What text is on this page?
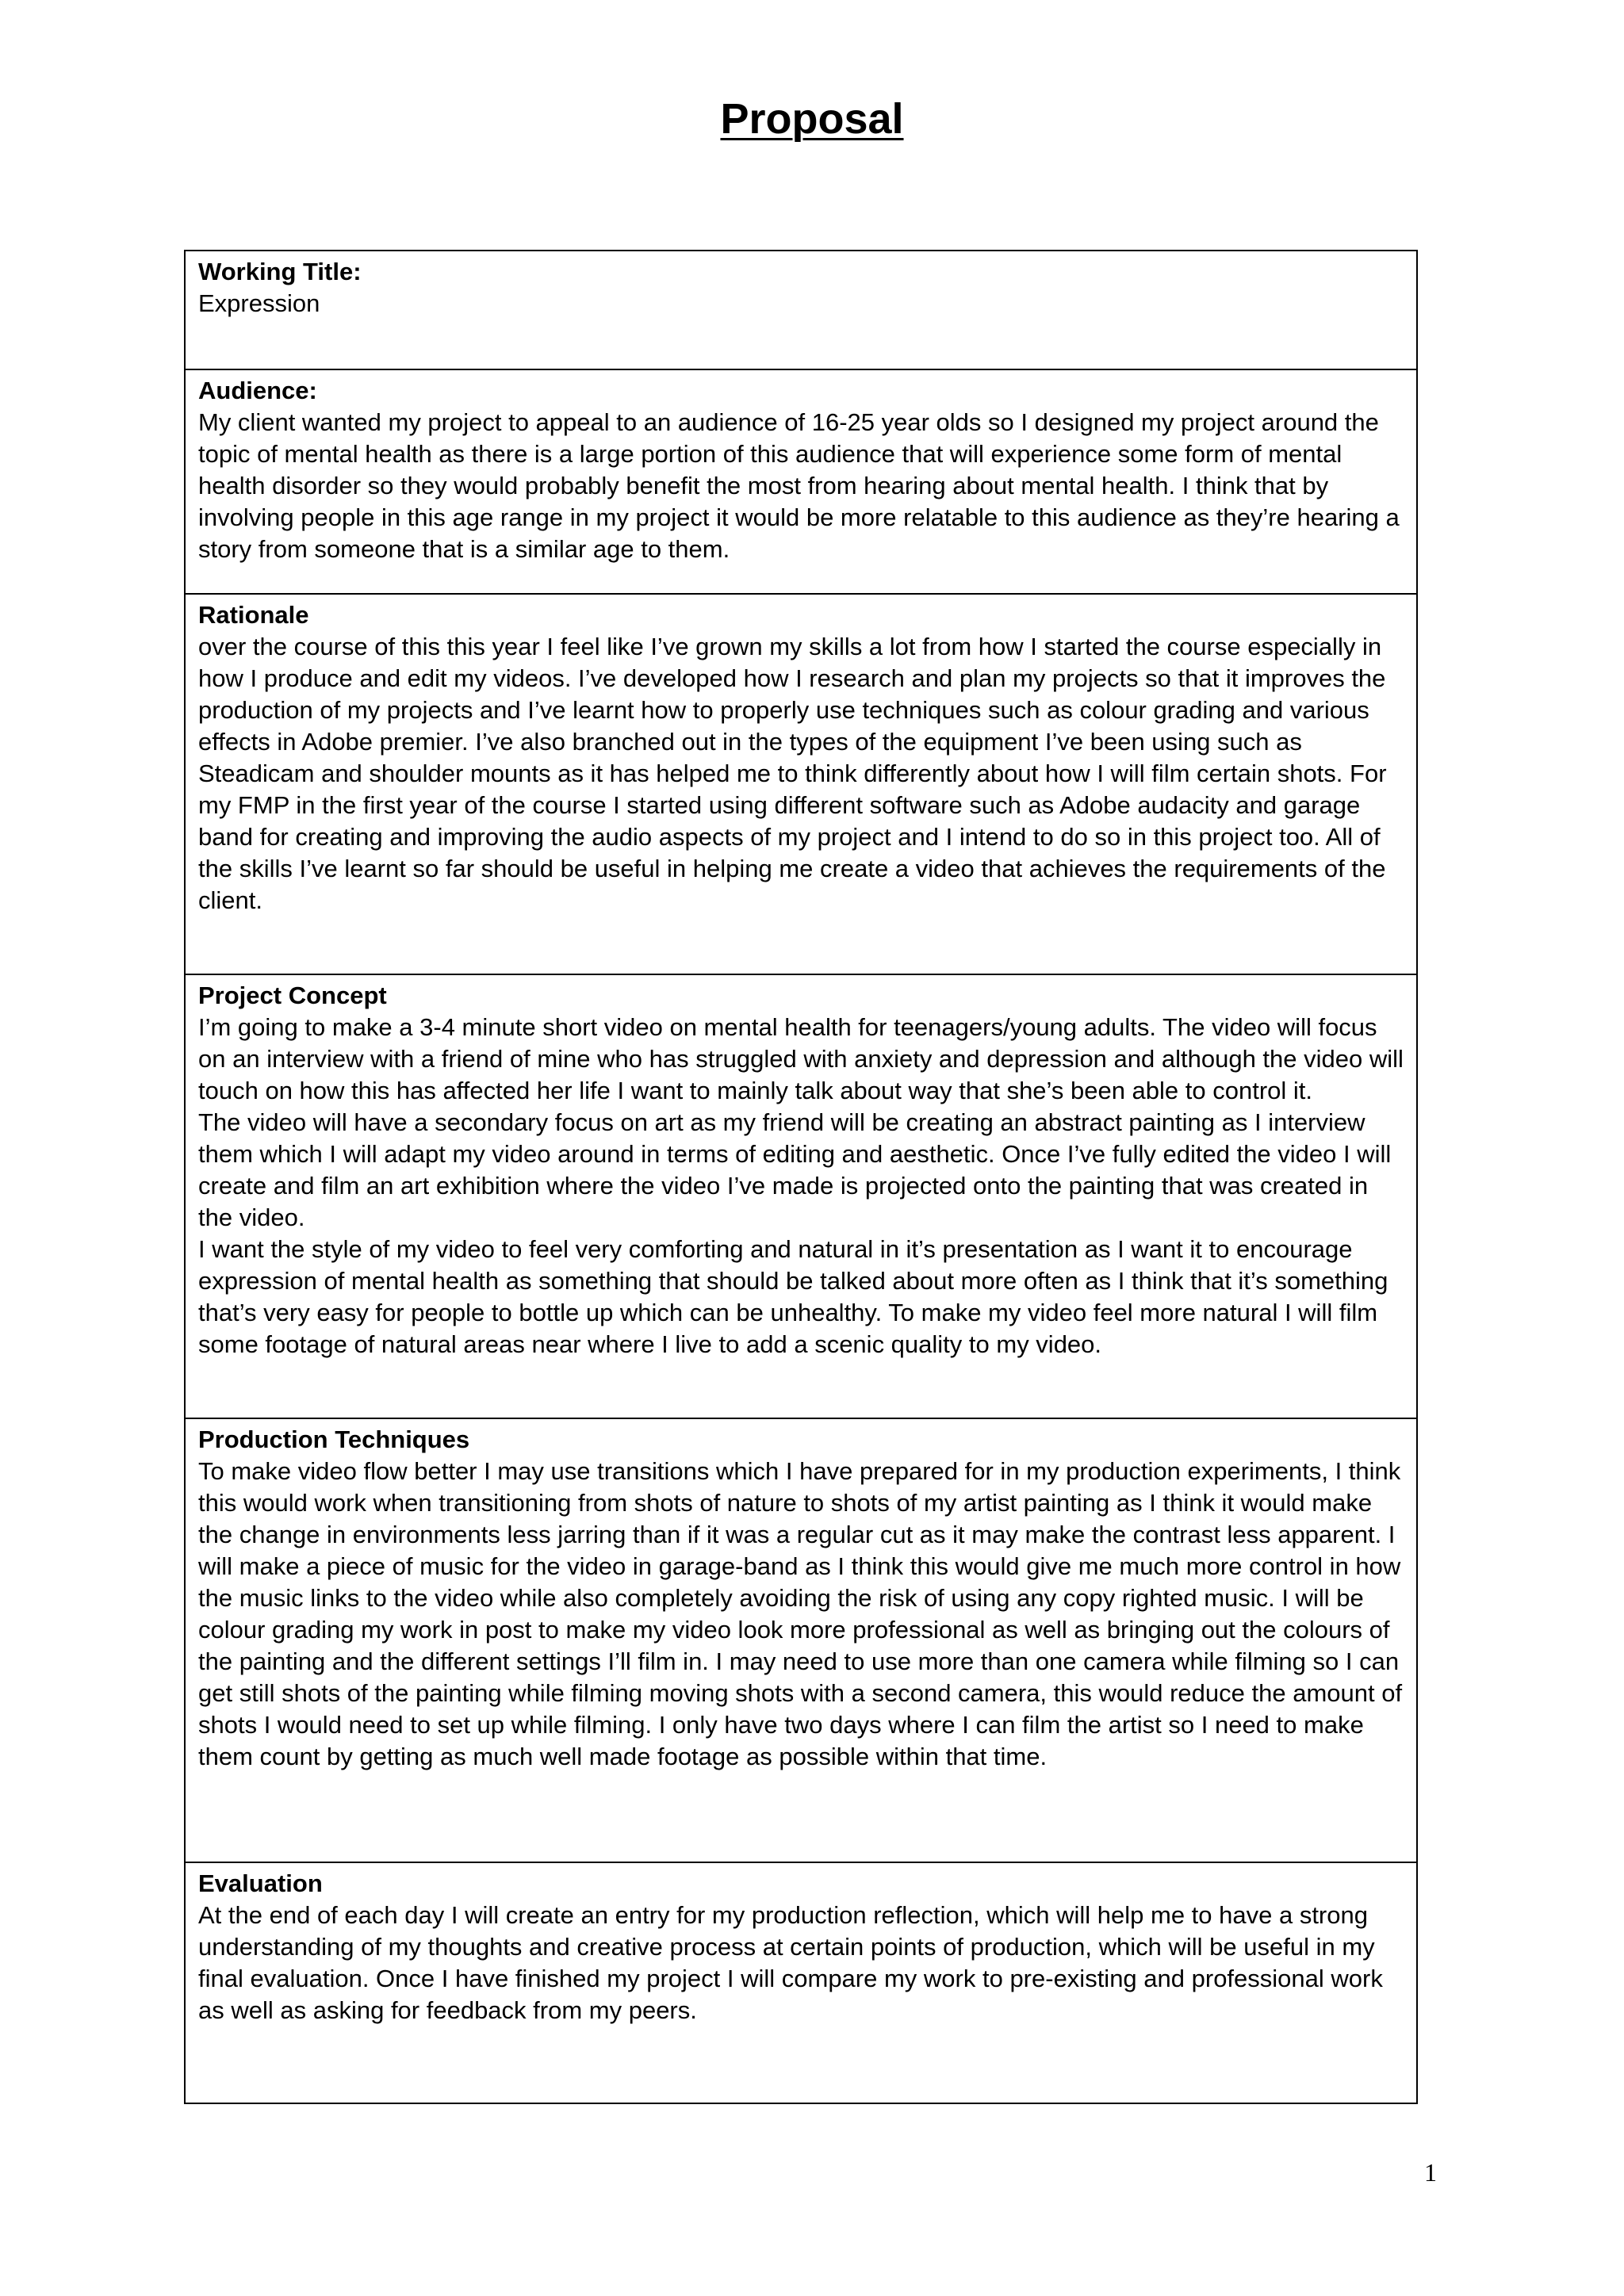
Proposal
Working Title:

Expression

Audience:

My client wanted my project to appeal to an audience of 16-25 year olds so I designed my project around the topic of mental health as there is a large portion of this audience that will experience some form of mental health disorder so they would probably benefit the most from hearing about mental health. I think that by involving people in this age range in my project it would be more relatable to this audience as they’re hearing a story from someone that is a similar age to them.

Rationale

over the course of this this year I feel like I’ve grown my skills a lot from how I started the course especially in how I produce and edit my videos. I’ve developed how I research and plan my projects so that it improves the production of my projects and I’ve learnt how to properly use techniques such as colour grading and various effects in Adobe premier. I’ve also branched out in the types of the equipment I’ve been using such as Steadicam and shoulder mounts as it has helped me to think differently about how I will film certain shots. For my FMP in the first year of the course I started using different software such as Adobe audacity and garage band for creating and improving the audio aspects of my project and I intend to do so in this project too. All of the skills I’ve learnt so far should be useful in helping me create a video that achieves the requirements of the client.

Project Concept

I’m going to make a 3-4 minute short video on mental health for teenagers/young adults. The video will focus on an interview with a friend of mine who has struggled with anxiety and depression and although the video will touch on how this has affected her life I want to mainly talk about way that she’s been able to control it.

The video will have a secondary focus on art as my friend will be creating an abstract painting as I interview them which I will adapt my video around in terms of editing and aesthetic. Once I’ve fully edited the video I will create and film an art exhibition where the video I’ve made is projected onto the painting that was created in the video.

I want the style of my video to feel very comforting and natural in it’s presentation as I want it to encourage expression of mental health as something that should be talked about more often as I think that it’s something that’s very easy for people to bottle up which can be unhealthy. To make my video feel more natural I will film some footage of natural areas near where I live to add a scenic quality to my video.

Production Techniques

To make video flow better I may use transitions which I have prepared for in my production experiments, I think this would work when transitioning from shots of nature to shots of my artist painting as I think it would make the change in environments less jarring than if it was a regular cut as it may make the contrast less apparent. I will make a piece of music for the video in garage-band as I think this would give me much more control in how the music links to the video while also completely avoiding the risk of using any copy righted music. I will be colour grading my work in post to make my video look more professional as well as bringing out the colours of the painting and the different settings I’ll film in. I may need to use more than one camera while filming so I can get still shots of the painting while filming moving shots with a second camera, this would reduce the amount of shots I would need to set up while filming. I only have two days where I can film the artist so I need to make them count by getting as much well made footage as possible within that time.

Evaluation

At the end of each day I will create an entry for my production reflection, which will help me to have a strong understanding of my thoughts and creative process at certain points of production, which will be useful in my final evaluation. Once I have finished my project I will compare my work to pre-existing and professional work as well as asking for feedback from my peers.

1
